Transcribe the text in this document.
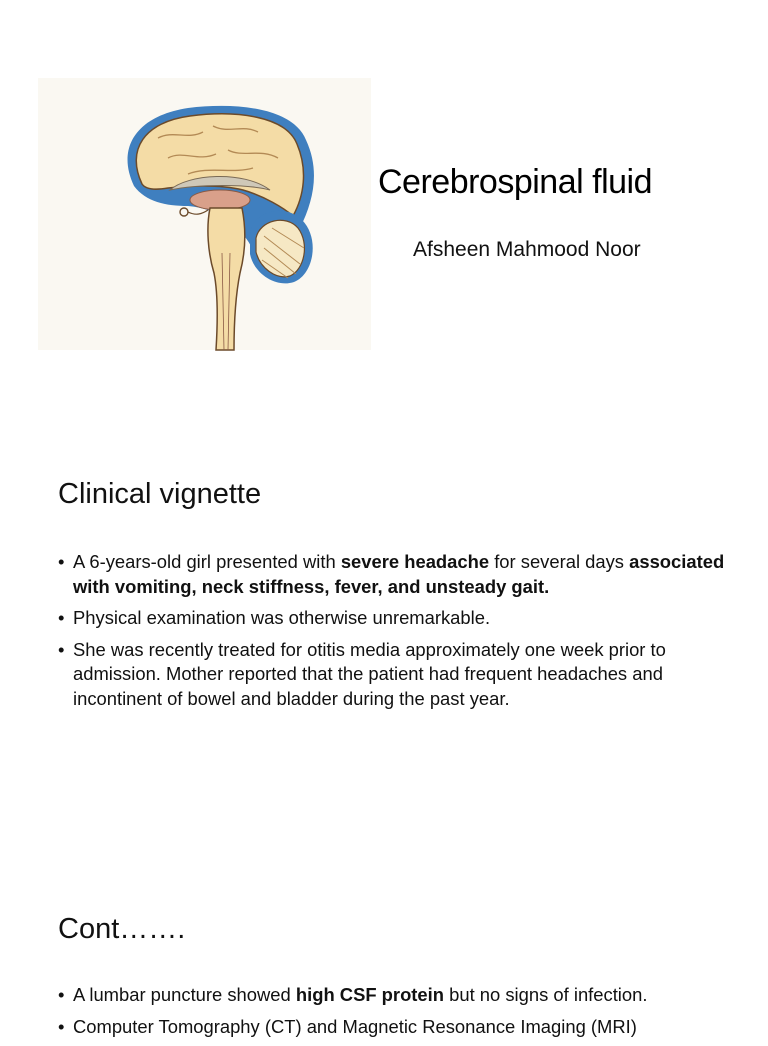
Cerebrospinal fluid
Afsheen Mahmood Noor
Clinical vignette
• A 6-years-old girl presented with severe headache for several days associated with vomiting, neck stiffness, fever, and unsteady gait.
• Physical examination was otherwise unremarkable.
• She was recently treated for otitis media approximately one week prior to admission. Mother reported that the patient had frequent headaches and incontinent of bowel and bladder during the past year.
Cont…….
• A lumbar puncture showed high CSF protein but no signs of infection.
• Computer Tomography (CT) and Magnetic Resonance Imaging (MRI)
